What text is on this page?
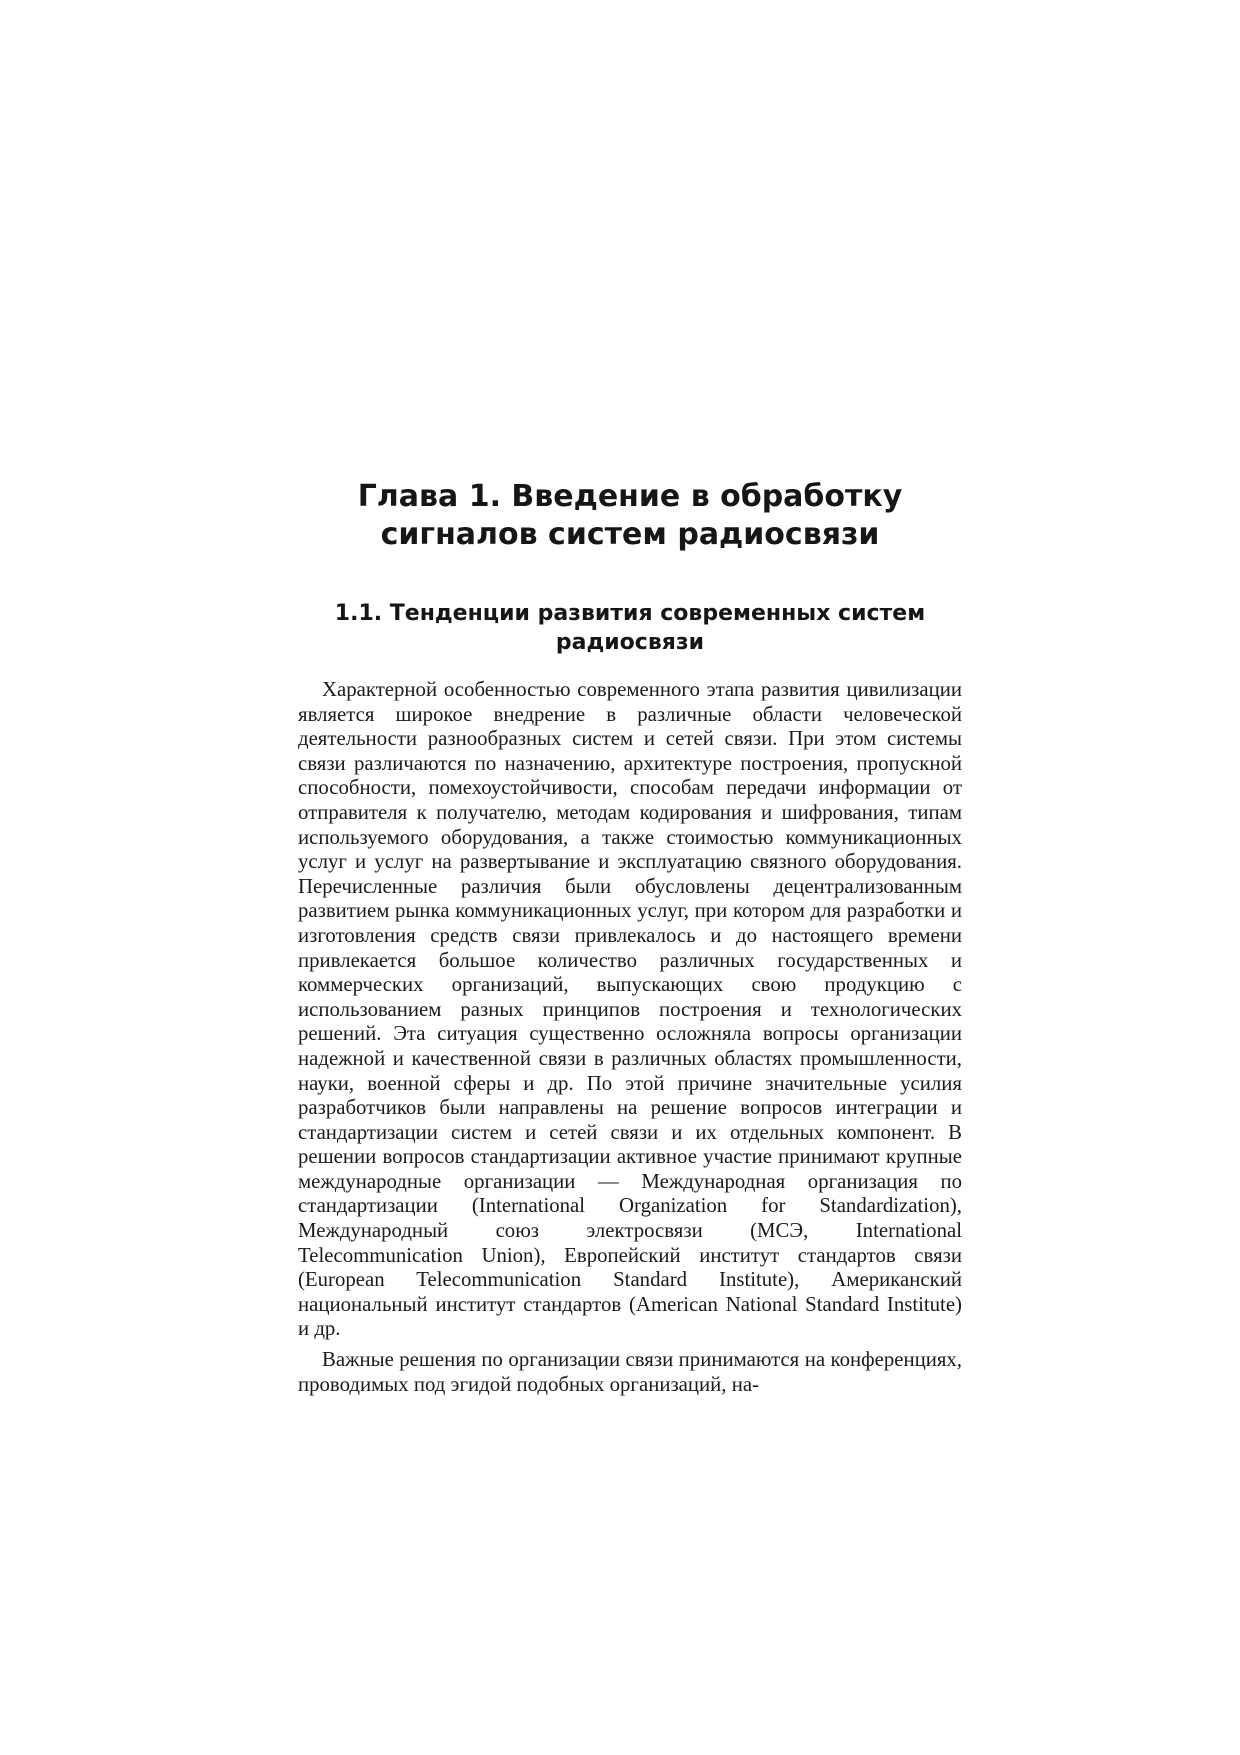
Глава 1. Введение в обработку
сигналов систем радиосвязи
1.1. Тенденции развития современных систем
радиосвязи

Характерной особенностью современного этапа развития цивилизации является широкое внедрение в различные области человеческой деятельности разнообразных систем и сетей связи. При этом системы связи различаются по назначению, архитектуре построения, пропускной способности, помехоустойчивости, способам передачи информации от отправителя к получателю, методам кодирования и шифрования, типам используемого оборудования, а также стоимостью коммуникационных услуг и услуг на развертывание и эксплуатацию связного оборудования. Перечисленные различия были обусловлены децентрализованным развитием рынка коммуникационных услуг, при котором для разработки и изготовления средств связи привлекалось и до настоящего времени привлекается большое количество различных государственных и коммерческих организаций, выпускающих свою продукцию с использованием разных принципов построения и технологических решений. Эта ситуация существенно осложняла вопросы организации надежной и качественной связи в различных областях промышленности, науки, военной сферы и др. По этой причине значительные усилия разработчиков были направлены на решение вопросов интеграции и стандартизации систем и сетей связи и их отдельных компонент. В решении вопросов стандартизации активное участие принимают крупные международные организации — Международная организация по стандартизации (International Organization for Standardization), Международный союз электросвязи (МСЭ, International Telecommunication Union), Европейский институт стандартов связи (European Telecommunication Standard Institute), Американский национальный институт стандартов (American National Standard Institute) и др.

Важные решения по организации связи принимаются на конференциях, проводимых под эгидой подобных организаций, на-
